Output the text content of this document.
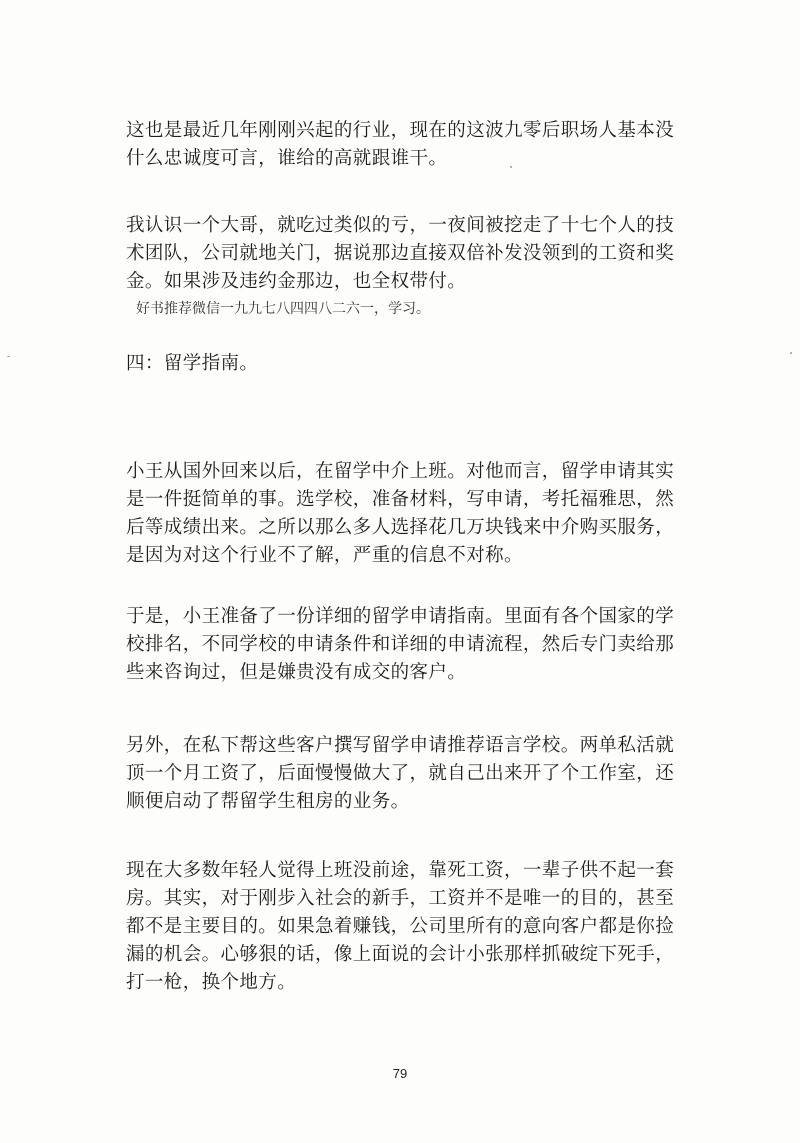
这也是最近几年刚刚兴起的行业，现在的这波九零后职场人基本没
什么忠诚度可言，谁给的高就跟谁干。
我认识一个大哥，就吃过类似的亏，一夜间被挖走了十七个人的技
术团队，公司就地关门，据说那边直接双倍补发没领到的工资和奖
金。如果涉及违约金那边，也全权带付。
好书推荐微信一九九七八四四八二六一，学习。
四：留学指南。
小王从国外回来以后，在留学中介上班。对他而言，留学申请其实
是一件挺简单的事。选学校，准备材料，写申请，考托福雅思，然
后等成绩出来。之所以那么多人选择花几万块钱来中介购买服务，
是因为对这个行业不了解，严重的信息不对称。
于是，小王准备了一份详细的留学申请指南。里面有各个国家的学
校排名，不同学校的申请条件和详细的申请流程，然后专门卖给那
些来咨询过，但是嫌贵没有成交的客户。
另外，在私下帮这些客户撰写留学申请推荐语言学校。两单私活就
顶一个月工资了，后面慢慢做大了，就自己出来开了个工作室，还
顺便启动了帮留学生租房的业务。
现在大多数年轻人觉得上班没前途，靠死工资，一辈子供不起一套
房。其实，对于刚步入社会的新手，工资并不是唯一的目的，甚至
都不是主要目的。如果急着赚钱，公司里所有的意向客户都是你捡
漏的机会。心够狠的话，像上面说的会计小张那样抓破绽下死手，
打一枪，换个地方。
79
